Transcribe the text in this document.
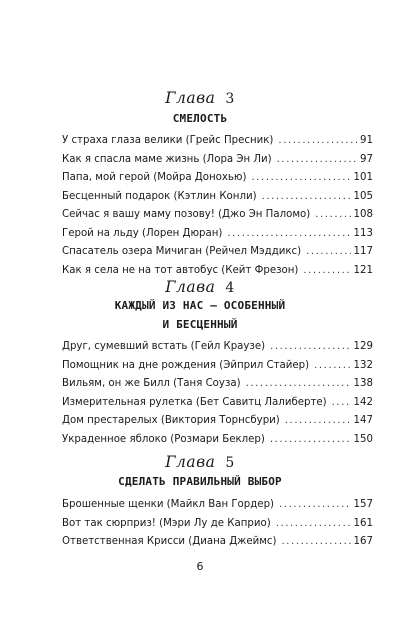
Глава 3
СМЕЛОСТЬ
У страха глаза велики (Грейс Пресник) .....	91
Как я спасла маме жизнь (Лора Эн Ли) .....	97
Папа, мой герой (Мойра Донохью) .....	101
Бесценный подарок (Кэтлин Конли) .....	105
Сейчас я вашу маму позову! (Джо Эн Паломо) .....	108
Герой на льду (Лорен Дюран) .....	113
Спасатель озера Мичиган (Рейчел Мэддикс) .....	117
Как я села не на тот автобус (Кейт Фрезон) .....	121
Глава 4
КАЖДЫЙ ИЗ НАС – ОСОБЕННЫЙ
И БЕСЦЕННЫЙ
Друг, сумевший встать (Гейл Краузе) .....	129
Помощник на дне рождения (Эйприл Стайер) .....	132
Вильям, он же Билл (Таня Соуза) .....	138
Измерительная рулетка (Бет Савитц Лалиберте) .....	142
Дом престарелых (Виктория Торнсбури) .....	147
Украденное яблоко (Розмари Беклер) .....	150
Глава 5
СДЕЛАТЬ ПРАВИЛЬНЫЙ ВЫБОР
Брошенные щенки (Майкл Ван Гордер) .....	157
Вот так сюрприз! (Мэри Лу де Каприо) .....	161
Ответственная Крисси (Диана Джеймс) .....	167
6
